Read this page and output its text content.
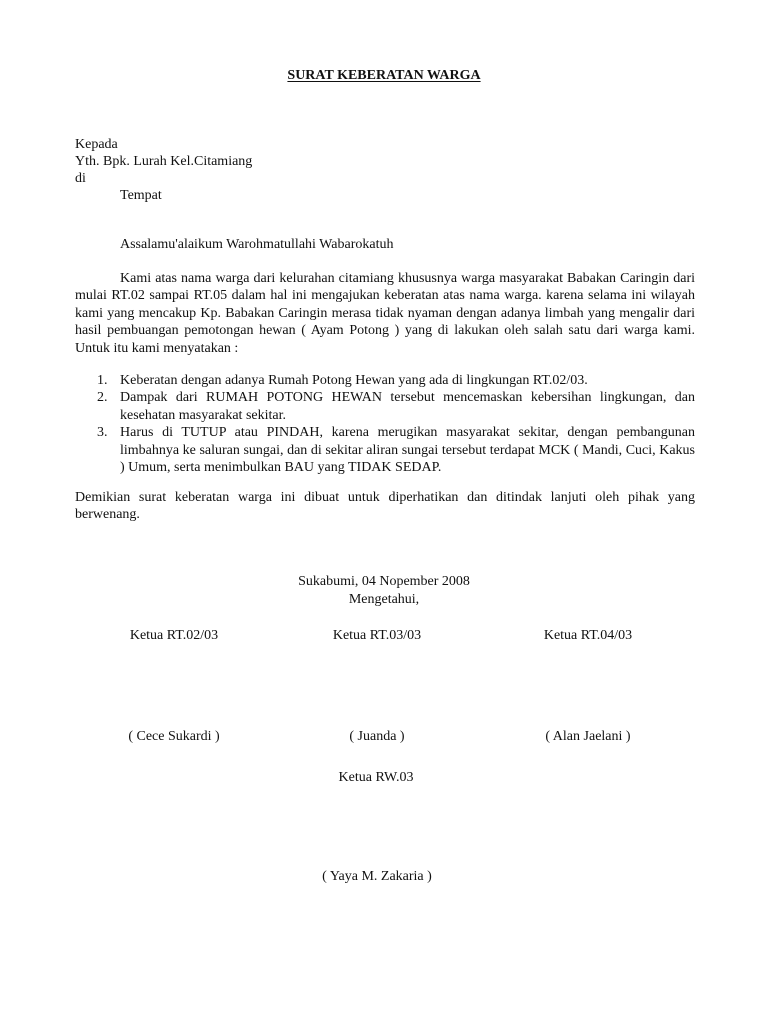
SURAT KEBERATAN WARGA
Kepada
Yth. Bpk. Lurah Kel.Citamiang
di
Tempat
Assalamu'alaikum Warohmatullahi Wabarokatuh
Kami atas nama warga dari kelurahan citamiang khususnya warga masyarakat Babakan Caringin dari mulai RT.02 sampai RT.05 dalam hal ini mengajukan keberatan atas nama warga. karena selama ini wilayah kami yang mencakup Kp. Babakan Caringin merasa tidak nyaman dengan adanya limbah yang mengalir dari hasil pembuangan pemotongan hewan ( Ayam Potong ) yang di lakukan oleh salah satu dari warga kami. Untuk itu kami menyatakan :
1. Keberatan dengan adanya Rumah Potong Hewan yang ada di lingkungan RT.02/03.
2. Dampak dari RUMAH POTONG HEWAN tersebut mencemaskan kebersihan lingkungan, dan kesehatan masyarakat sekitar.
3. Harus di TUTUP atau PINDAH, karena merugikan masyarakat sekitar, dengan pembangunan limbahnya ke saluran sungai, dan di sekitar aliran sungai tersebut terdapat MCK ( Mandi, Cuci, Kakus ) Umum, serta menimbulkan BAU yang TIDAK SEDAP.
Demikian surat keberatan warga ini dibuat untuk diperhatikan dan ditindak lanjuti oleh pihak yang berwenang.
Sukabumi, 04 Nopember 2008
Mengetahui,
Ketua RT.02/03	Ketua RT.03/03	Ketua RT.04/03
( Cece Sukardi )	( Juanda )	( Alan Jaelani )
Ketua RW.03
( Yaya M. Zakaria )
